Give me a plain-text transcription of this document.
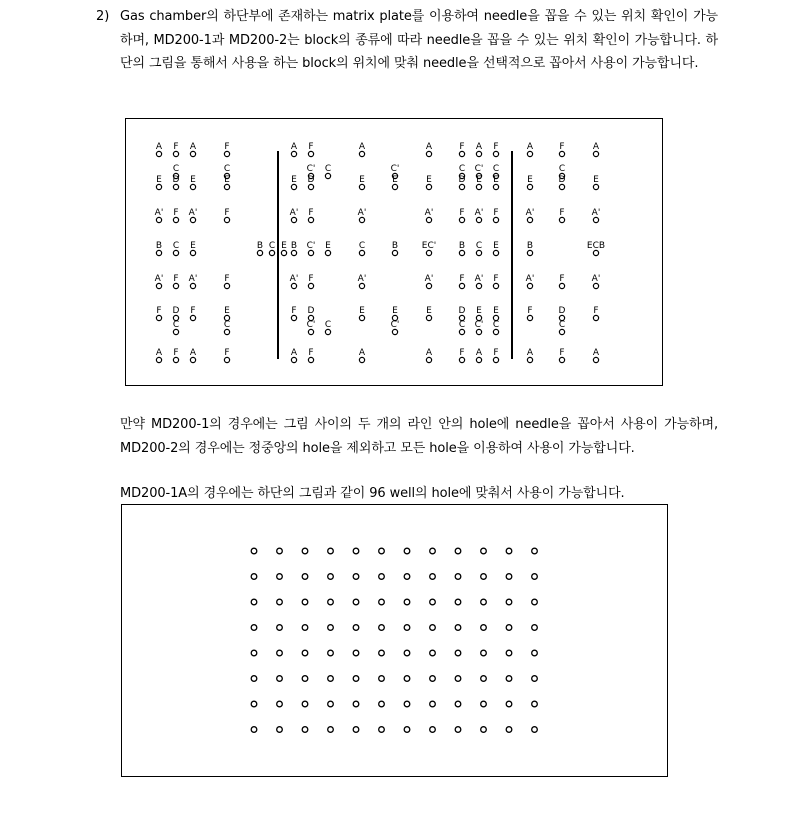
2) Gas chamber의 하단부에 존재하는 matrix plate를 이용하여 needle을 꼽을 수 있는 위치 확인이 가능하며, MD200-1과 MD200-2는 block의 종류에 따라 needle을 꼽을 수 있는 위치 확인이 가능합니다. 하단의 그림을 통해서 사용을 하는 block의 위치에 맞춰 needle을 선택적으로 꼽아서 사용이 가능합니다.

A
E
A'
B
A'
F
A
F
C
D
F
C
F
D
C
F
A
E
A'
E
A'
F
A
F
C
E
F
F
E
C
F
B C E
A
E
A'
B
A'
F
A
F
C'
D
F
C'
F
D
C'
F
C
E
C
A
E
A'
C
A'
E
A
C'
E
B
E
C'
A
E
A'
EC'
A'
E
A
F
C
D
F
B
F
D
C
F
A
C'
E
A'
C
A'
E
C'
A
F
C
E
F
E
F
E
C
F
A
E
A'
B
A'
F
A
F
C
D
F
F
D
C
F
A
E
A'
ECB
A'
F
A

만약 MD200-1의 경우에는 그림 사이의 두 개의 라인 안의 hole에 needle을 꼽아서 사용이 가능하며, MD200-2의 경우에는 정중앙의 hole을 제외하고 모든 hole을 이용하여 사용이 가능합니다.

MD200-1A의 경우에는 하단의 그림과 같이 96 well의 hole에 맞춰서 사용이 가능합니다.
